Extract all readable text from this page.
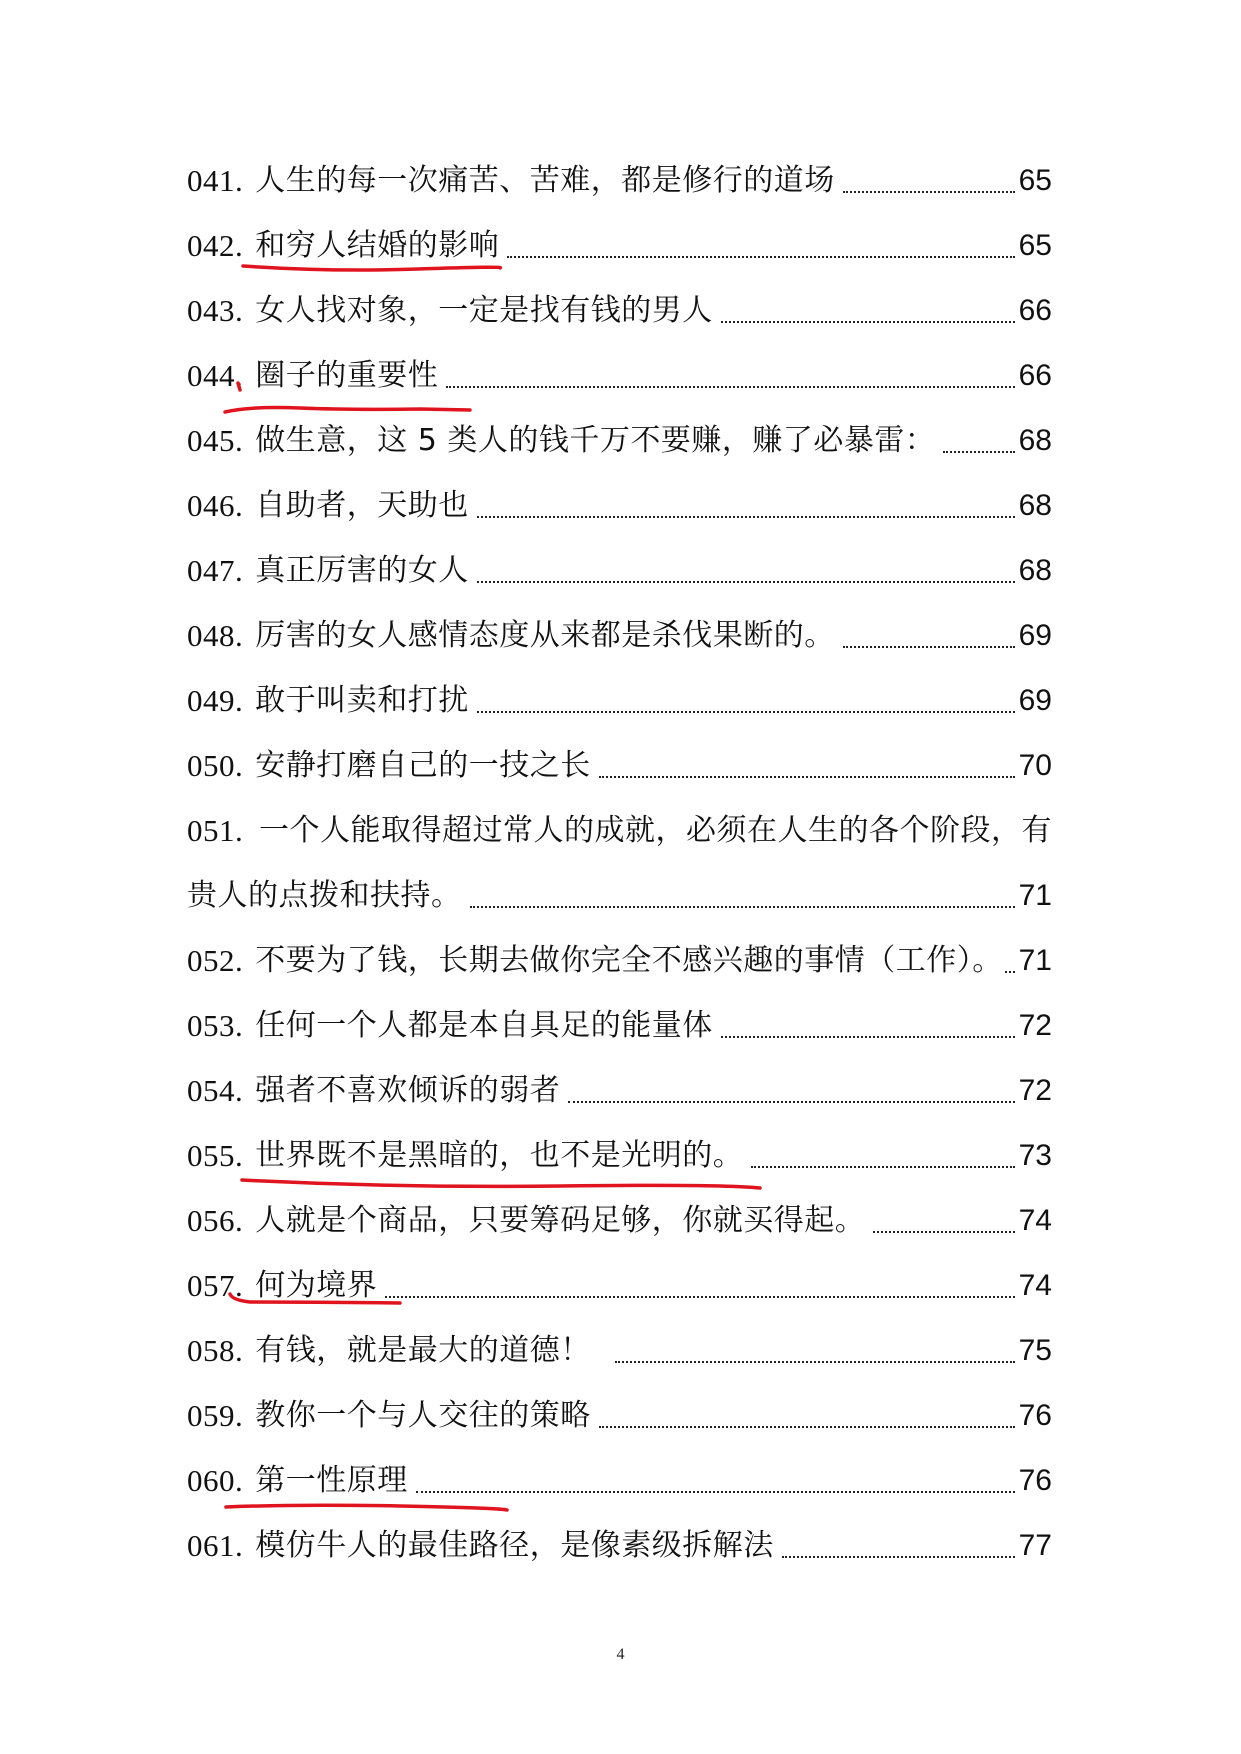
041. 人生的每一次痛苦、苦难，都是修行的道场	65
042. 和穷人结婚的影响	65
043. 女人找对象，一定是找有钱的男人	66
044. 圈子的重要性	66
045. 做生意，这 5 类人的钱千万不要赚，赚了必暴雷：	68
046. 自助者，天助也	68
047. 真正厉害的女人	68
048. 厉害的女人感情态度从来都是杀伐果断的。	69
049. 敢于叫卖和打扰	69
050. 安静打磨自己的一技之长	70
051. 一个人能取得超过常人的成就，必须在人生的各个阶段，有
贵人的点拨和扶持。	71
052. 不要为了钱，长期去做你完全不感兴趣的事情（工作）。 71
053. 任何一个人都是本自具足的能量体	72
054. 强者不喜欢倾诉的弱者	72
055. 世界既不是黑暗的，也不是光明的。	73
056. 人就是个商品，只要筹码足够，你就买得起。	74
057. 何为境界	74
058. 有钱，就是最大的道德！	75
059. 教你一个与人交往的策略	76
060. 第一性原理	76
061. 模仿牛人的最佳路径，是像素级拆解法	77
4
